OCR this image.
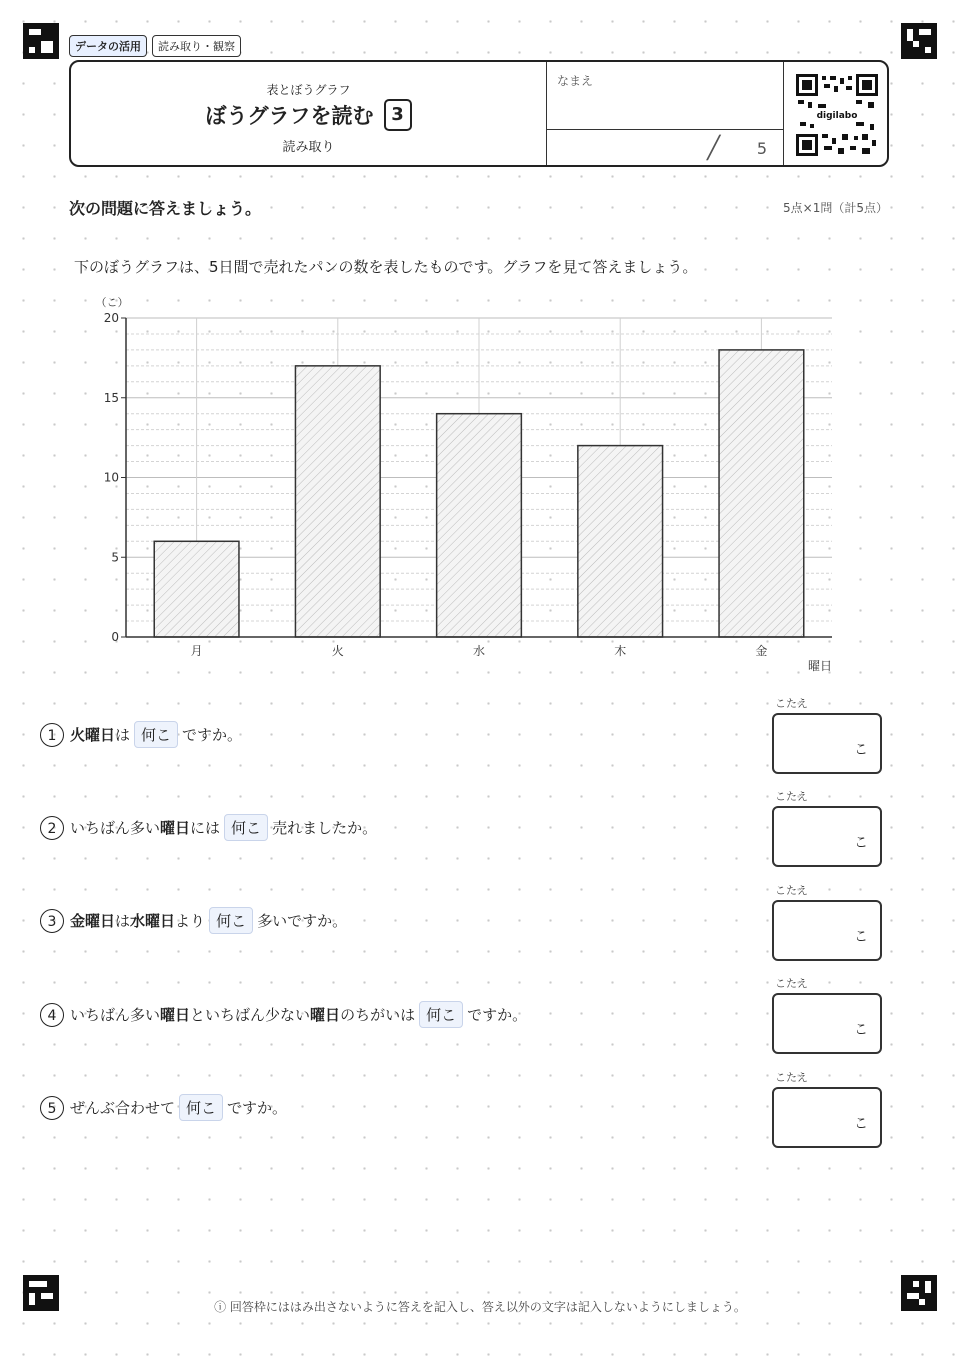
データの活用	読み取り・観察
表とぼうグラフ
ぼうグラフを読む 3
読み取り
なまえ
╱ 5
digilabo
次の問題に答えましょう。	5点×1問（計5点）
下のぼうグラフは、5日間で売れたパンの数を表したものです。グラフを見て答えましょう。
月	火	水	木	金
0
5
10
15
20
（こ）
曜日
1 火曜日 は 何こ ですか。
こたえ
こ
2 いちばん多い 曜日 には 何こ 売れましたか。
こたえ
こ
3 金曜日 は 水曜日 より 何こ 多いですか。
こたえ
こ
4 いちばん多い 曜日 といちばん少ない 曜日 のちがいは 何こ ですか。
こたえ
こ
5 ぜんぶ合わせて 何こ ですか。
こたえ
こ
ⓘ 回答枠にははみ出さないように答えを記入し、答え以外の文字は記入しないようにしましょう。
